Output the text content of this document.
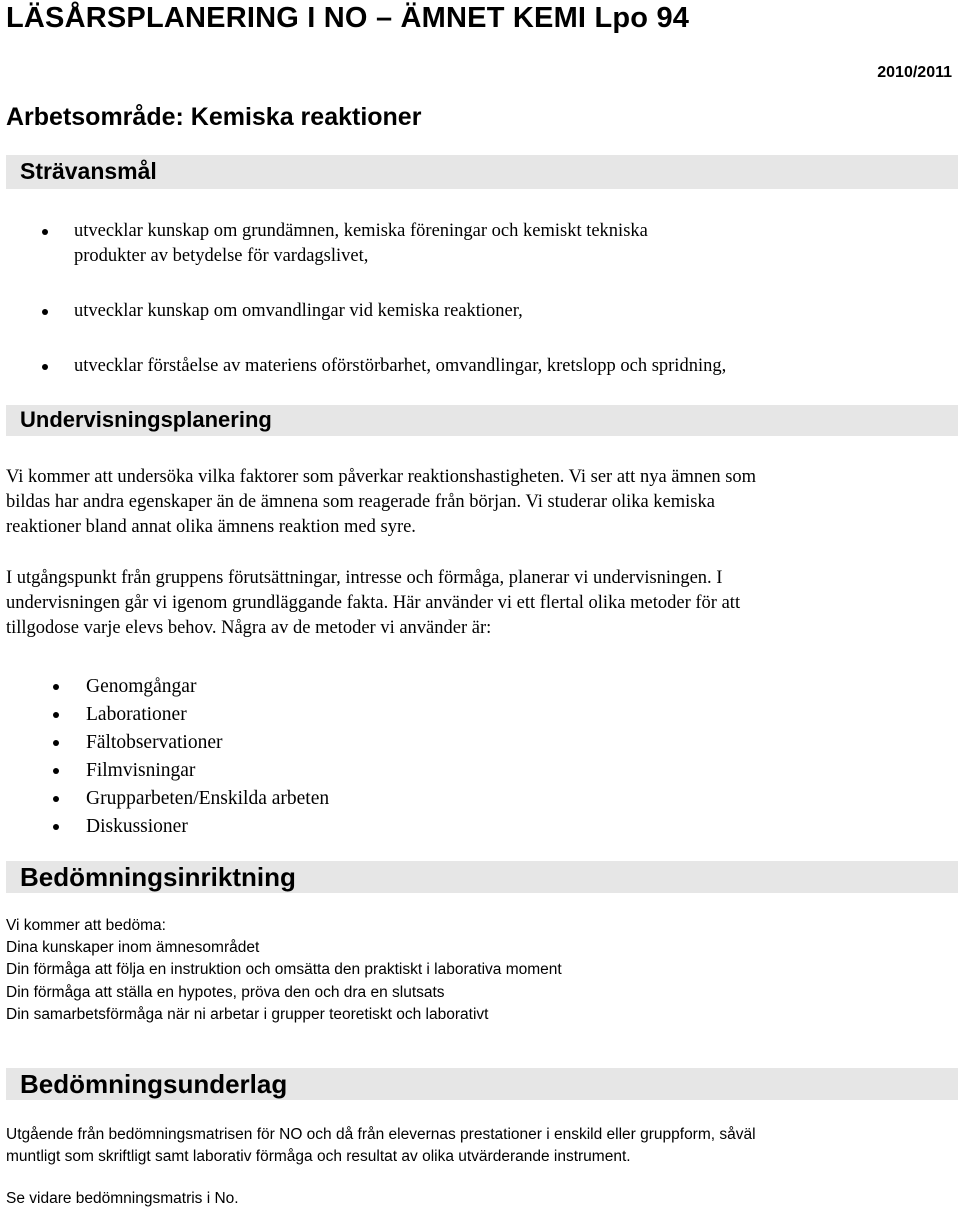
LÄSÅRSPLANERING I NO – ÄMNET KEMI Lpo 94
2010/2011
Arbetsområde: Kemiska reaktioner
Strävansmål
utvecklar kunskap om grundämnen, kemiska föreningar och kemiskt tekniska
produkter av betydelse för vardagslivet,
utvecklar kunskap om omvandlingar vid kemiska reaktioner,
utvecklar förståelse av materiens oförstörbarhet, omvandlingar, kretslopp och spridning,
Undervisningsplanering
Vi kommer att undersöka vilka faktorer som påverkar reaktionshastigheten. Vi ser att nya ämnen som
bildas har andra egenskaper än de ämnena som reagerade från början. Vi studerar olika kemiska
reaktioner bland annat olika ämnens reaktion med syre.
I utgångspunkt från gruppens förutsättningar, intresse och förmåga, planerar vi undervisningen. I
undervisningen går vi igenom grundläggande fakta. Här använder vi ett flertal olika metoder för att
tillgodose varje elevs behov. Några av de metoder vi använder är:
Genomgångar
Laborationer
Fältobservationer
Filmvisningar
Grupparbeten/Enskilda arbeten
Diskussioner
Bedömningsinriktning
Vi kommer att bedöma:
Dina kunskaper inom ämnesområdet
Din förmåga att följa en instruktion och omsätta den praktiskt i laborativa moment
Din förmåga att ställa en hypotes, pröva den och dra en slutsats
Din samarbetsförmåga när ni arbetar i grupper teoretiskt och laborativt
Bedömningsunderlag
Utgående från bedömningsmatrisen för NO och då från elevernas prestationer i enskild eller gruppform, såväl
muntligt som skriftligt samt laborativ förmåga och resultat av olika utvärderande instrument.
Se vidare bedömningsmatris i No.
